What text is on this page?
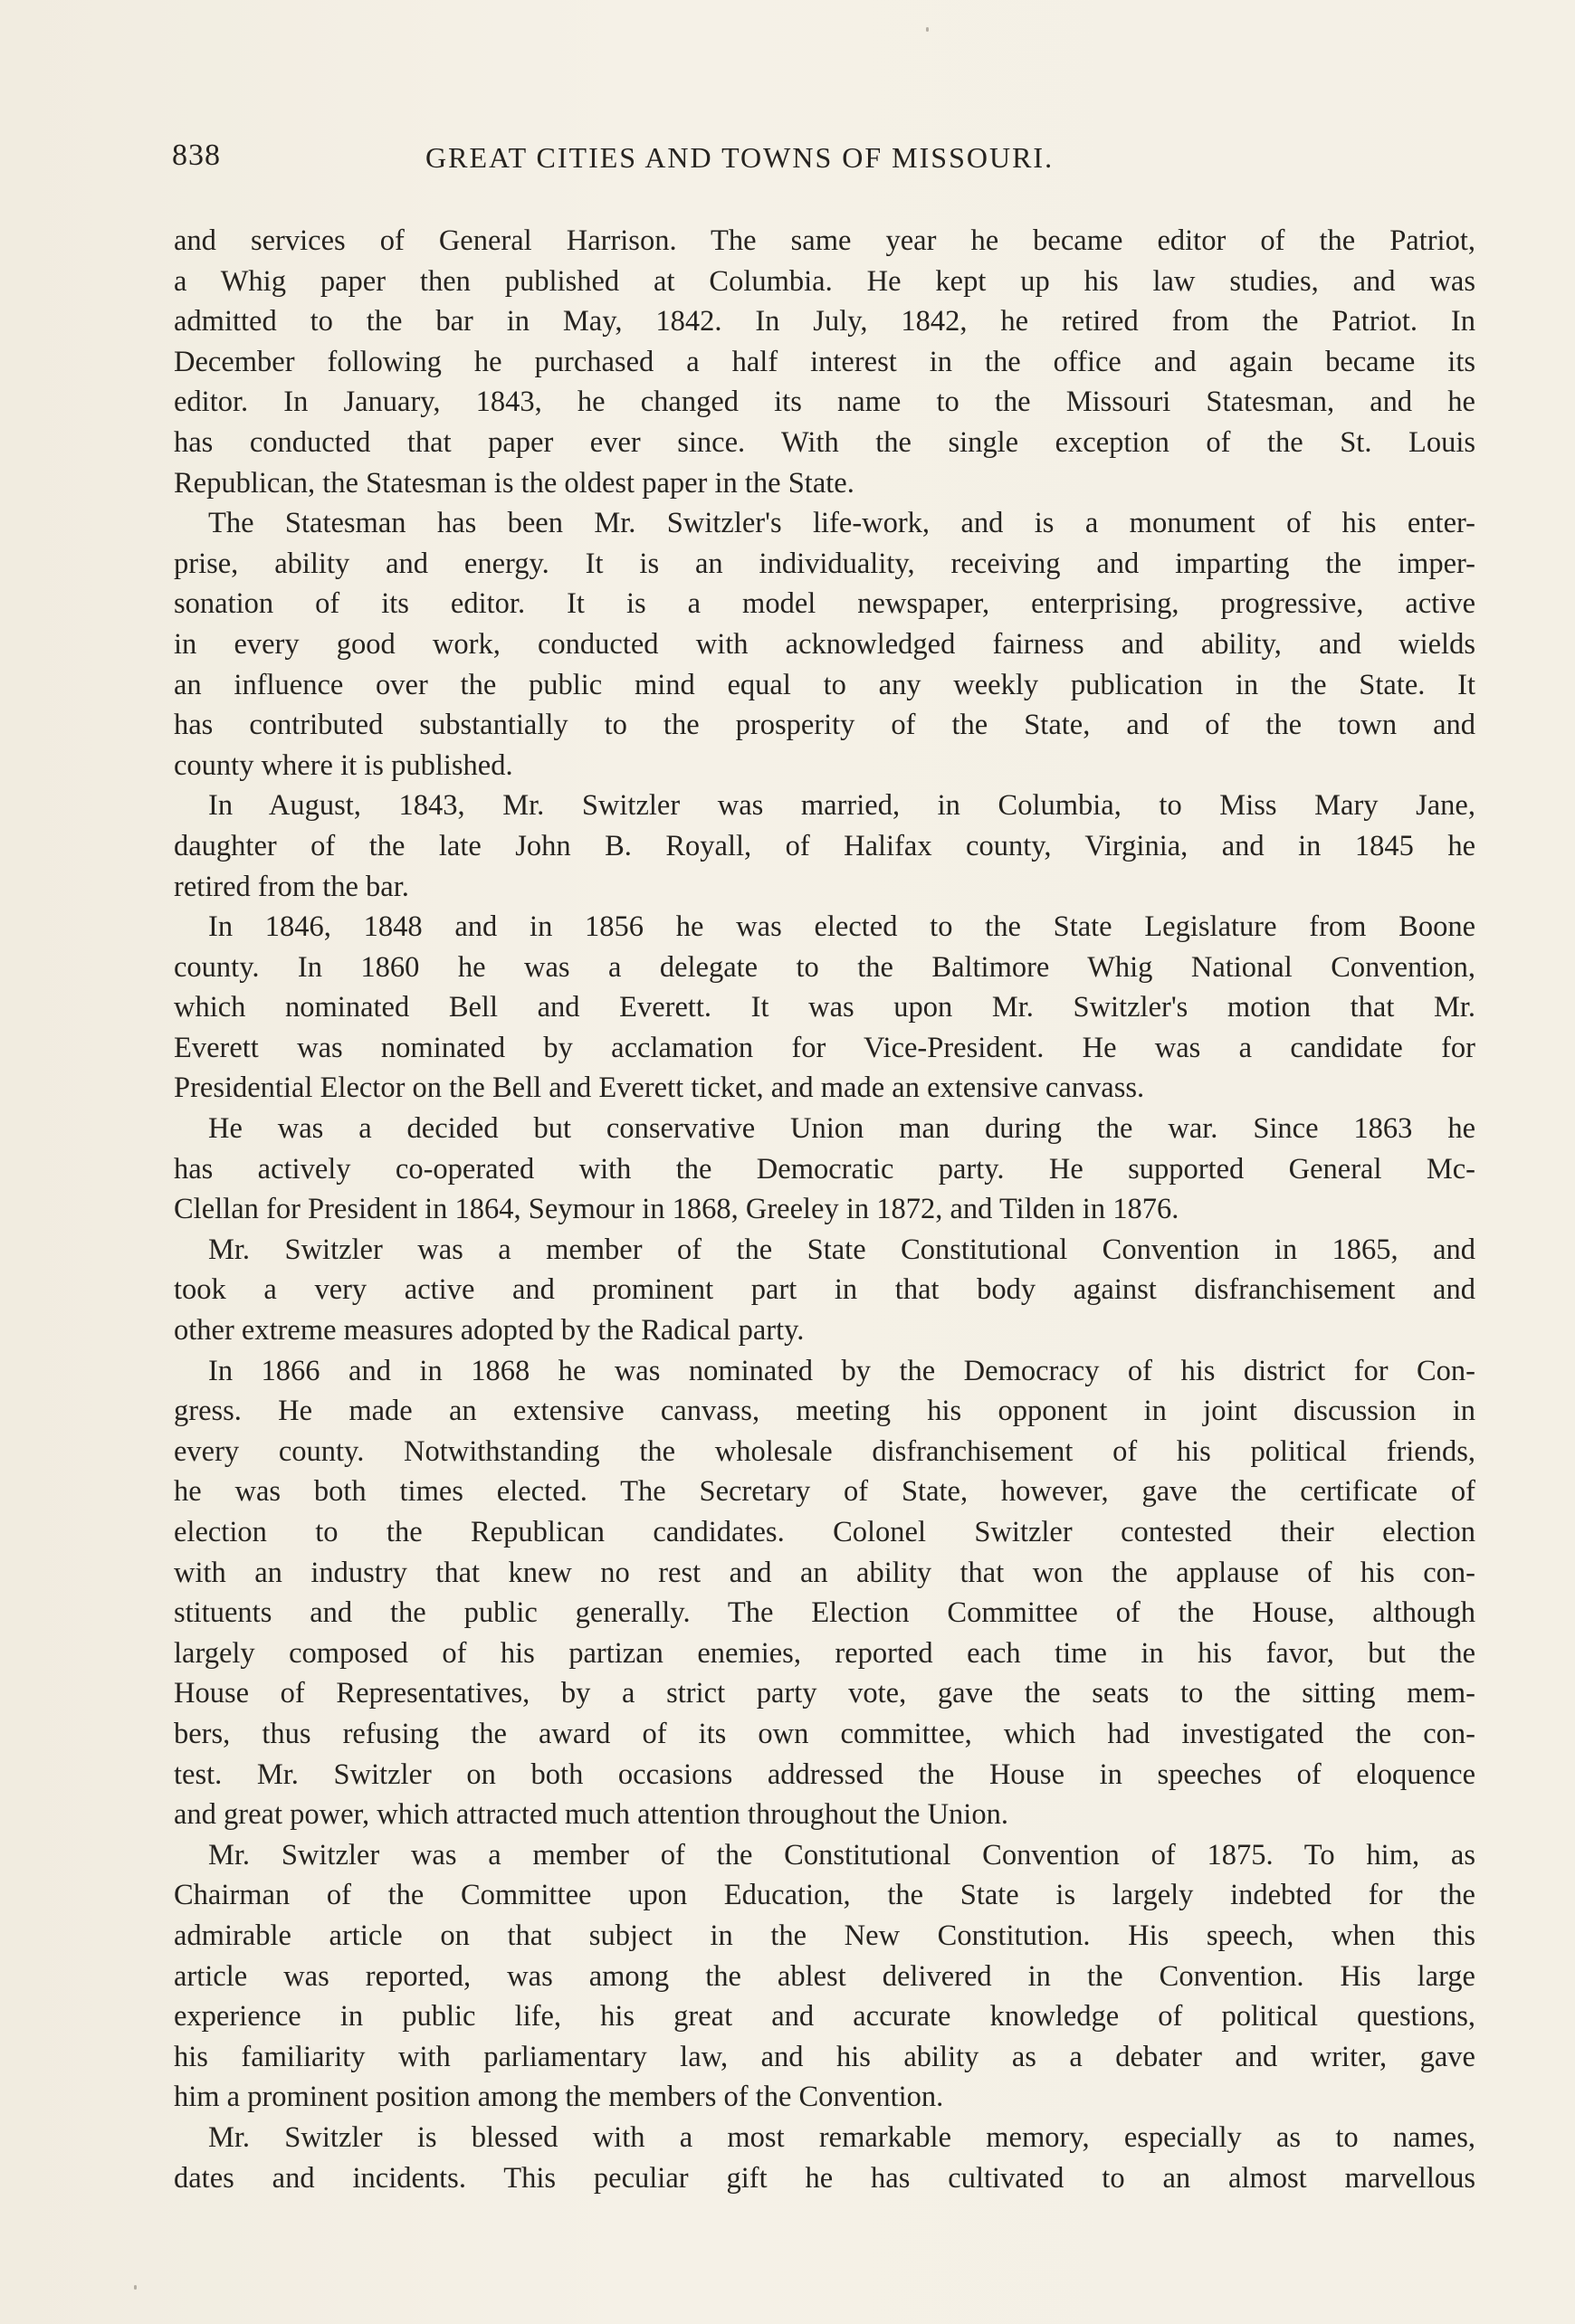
838	GREAT CITIES AND TOWNS OF MISSOURI.
and services of General Harrison. The same year he became editor of the Patriot,
a Whig paper then published at Columbia. He kept up his law studies, and was
admitted to the bar in May, 1842. In July, 1842, he retired from the Patriot. In
December following he purchased a half interest in the office and again became its
editor. In January, 1843, he changed its name to the Missouri Statesman, and he
has conducted that paper ever since. With the single exception of the St. Louis
Republican, the Statesman is the oldest paper in the State.
The Statesman has been Mr. Switzler's life-work, and is a monument of his enter-
prise, ability and energy. It is an individuality, receiving and imparting the imper-
sonation of its editor. It is a model newspaper, enterprising, progressive, active
in every good work, conducted with acknowledged fairness and ability, and wields
an influence over the public mind equal to any weekly publication in the State. It
has contributed substantially to the prosperity of the State, and of the town and
county where it is published.
In August, 1843, Mr. Switzler was married, in Columbia, to Miss Mary Jane,
daughter of the late John B. Royall, of Halifax county, Virginia, and in 1845 he
retired from the bar.
In 1846, 1848 and in 1856 he was elected to the State Legislature from Boone
county. In 1860 he was a delegate to the Baltimore Whig National Convention,
which nominated Bell and Everett. It was upon Mr. Switzler's motion that Mr.
Everett was nominated by acclamation for Vice-President. He was a candidate for
Presidential Elector on the Bell and Everett ticket, and made an extensive canvass.
He was a decided but conservative Union man during the war. Since 1863 he
has actively co-operated with the Democratic party. He supported General Mc-
Clellan for President in 1864, Seymour in 1868, Greeley in 1872, and Tilden in 1876.
Mr. Switzler was a member of the State Constitutional Convention in 1865, and
took a very active and prominent part in that body against disfranchisement and
other extreme measures adopted by the Radical party.
In 1866 and in 1868 he was nominated by the Democracy of his district for Con-
gress. He made an extensive canvass, meeting his opponent in joint discussion in
every county. Notwithstanding the wholesale disfranchisement of his political friends,
he was both times elected. The Secretary of State, however, gave the certificate of
election to the Republican candidates. Colonel Switzler contested their election
with an industry that knew no rest and an ability that won the applause of his con-
stituents and the public generally. The Election Committee of the House, although
largely composed of his partizan enemies, reported each time in his favor, but the
House of Representatives, by a strict party vote, gave the seats to the sitting mem-
bers, thus refusing the award of its own committee, which had investigated the con-
test. Mr. Switzler on both occasions addressed the House in speeches of eloquence
and great power, which attracted much attention throughout the Union.
Mr. Switzler was a member of the Constitutional Convention of 1875. To him, as
Chairman of the Committee upon Education, the State is largely indebted for the
admirable article on that subject in the New Constitution. His speech, when this
article was reported, was among the ablest delivered in the Convention. His large
experience in public life, his great and accurate knowledge of political questions,
his familiarity with parliamentary law, and his ability as a debater and writer, gave
him a prominent position among the members of the Convention.
Mr. Switzler is blessed with a most remarkable memory, especially as to names,
dates and incidents. This peculiar gift he has cultivated to an almost marvellous
